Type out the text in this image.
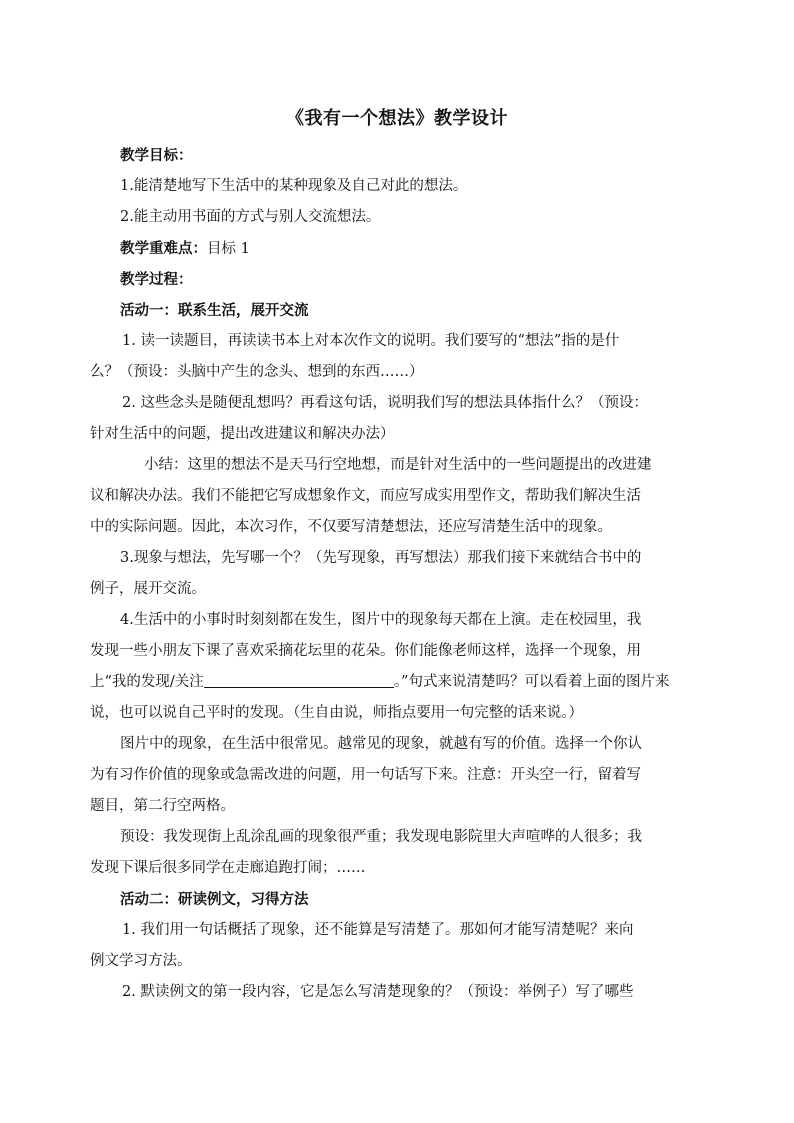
《我有一个想法》教学设计
教学目标：
1.能清楚地写下生活中的某种现象及自己对此的想法。
2.能主动用书面的方式与别人交流想法。
教学重难点：目标 1
教学过程：
活动一：联系生活，展开交流
1. 读一读题目，再读读书本上对本次作文的说明。我们要写的“想法”指的是什
么？（预设：头脑中产生的念头、想到的东西……）
2. 这些念头是随便乱想吗？再看这句话，说明我们写的想法具体指什么？（预设：
针对生活中的问题，提出改进建议和解决办法）
小结：这里的想法不是天马行空地想，而是针对生活中的一些问题提出的改进建
议和解决办法。我们不能把它写成想象作文，而应写成实用型作文，帮助我们解决生活
中的实际问题。因此，本次习作，不仅要写清楚想法，还应写清楚生活中的现象。
3.现象与想法，先写哪一个？（先写现象，再写想法）那我们接下来就结合书中的
例子，展开交流。
4.生活中的小事时时刻刻都在发生，图片中的现象每天都在上演。走在校园里，我
发现一些小朋友下课了喜欢采摘花坛里的花朵。你们能像老师这样，选择一个现象，用
上“我的发现/关注	。”句式来说清楚吗？可以看着上面的图片来
说，也可以说自己平时的发现。（生自由说，师指点要用一句完整的话来说。）
图片中的现象，在生活中很常见。越常见的现象，就越有写的价值。选择一个你认
为有习作价值的现象或急需改进的问题，用一句话写下来。注意：开头空一行，留着写
题目，第二行空两格。
预设：我发现街上乱涂乱画的现象很严重；我发现电影院里大声喧哗的人很多；我
发现下课后很多同学在走廊追跑打闹；……
活动二：研读例文，习得方法
1. 我们用一句话概括了现象，还不能算是写清楚了。那如何才能写清楚呢？来向
例文学习方法。
2. 默读例文的第一段内容，它是怎么写清楚现象的？（预设：举例子）写了哪些
